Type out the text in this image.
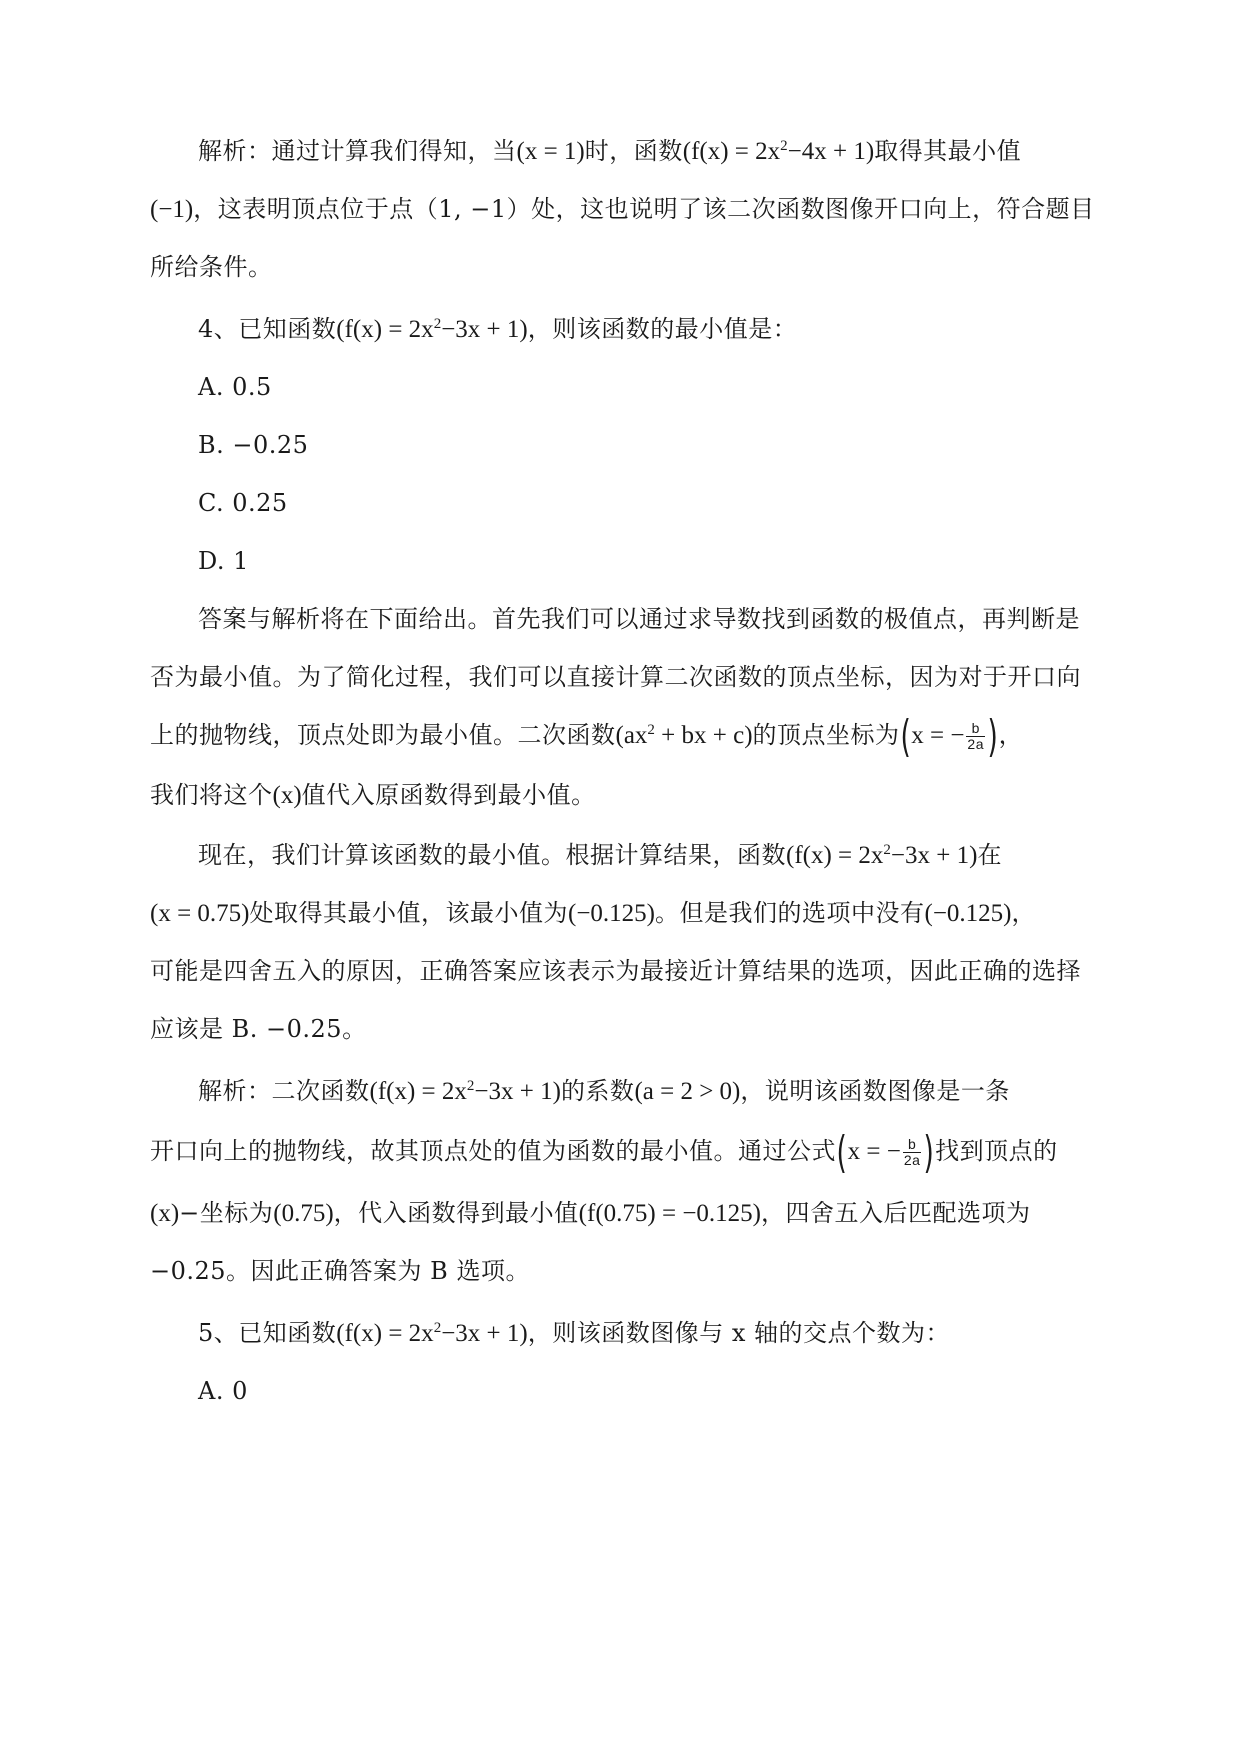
解析：通过计算我们得知，当(x = 1)时，函数$(f(x) = 2x^2-4x + 1)$取得其最小值
(−1)，这表明顶点位于点（1, −1）处，这也说明了该二次函数图像开口向上，符合题目
所给条件。
4、已知函数$(f(x) = 2x^2-3x + 1)$，则该函数的最小值是：
A. 0.5
B. −0.25
C. 0.25
D. 1
答案与解析将在下面给出。首先我们可以通过求导数找到函数的极值点，再判断是
否为最小值。为了简化过程，我们可以直接计算二次函数的顶点坐标，因为对于开口向
上的抛物线，顶点处即为最小值。二次函数($ax^2$ + bx + c)的顶点坐标为(x = − $\frac{b}{2a}$ )，
我们将这个(x)值代入原函数得到最小值。
现在，我们计算该函数的最小值。根据计算结果，函数$(f(x) = 2x^2-3x + 1)$在
(x = 0.75)处取得其最小值，该最小值为(−0.125)。但是我们的选项中没有(−0.125)，
可能是四舍五入的原因，正确答案应该表示为最接近计算结果的选项，因此正确的选择
应该是 B. −0.25。
解析：二次函数$(f(x) = 2x^2-3x + 1)$的系数(a = 2 > 0)，说明该函数图像是一条
开口向上的抛物线，故其顶点处的值为函数的最小值。通过公式(x = − $\frac{b}{2a}$ )找到顶点的
(x)−坐标为(0.75)，代入函数得到最小值(f(0.75) = −0.125)，四舍五入后匹配选项为
−0.25。因此正确答案为 B 选项。
5、已知函数$(f(x) = 2x^2-3x + 1)$，则该函数图像与 x 轴的交点个数为：
A. 0
